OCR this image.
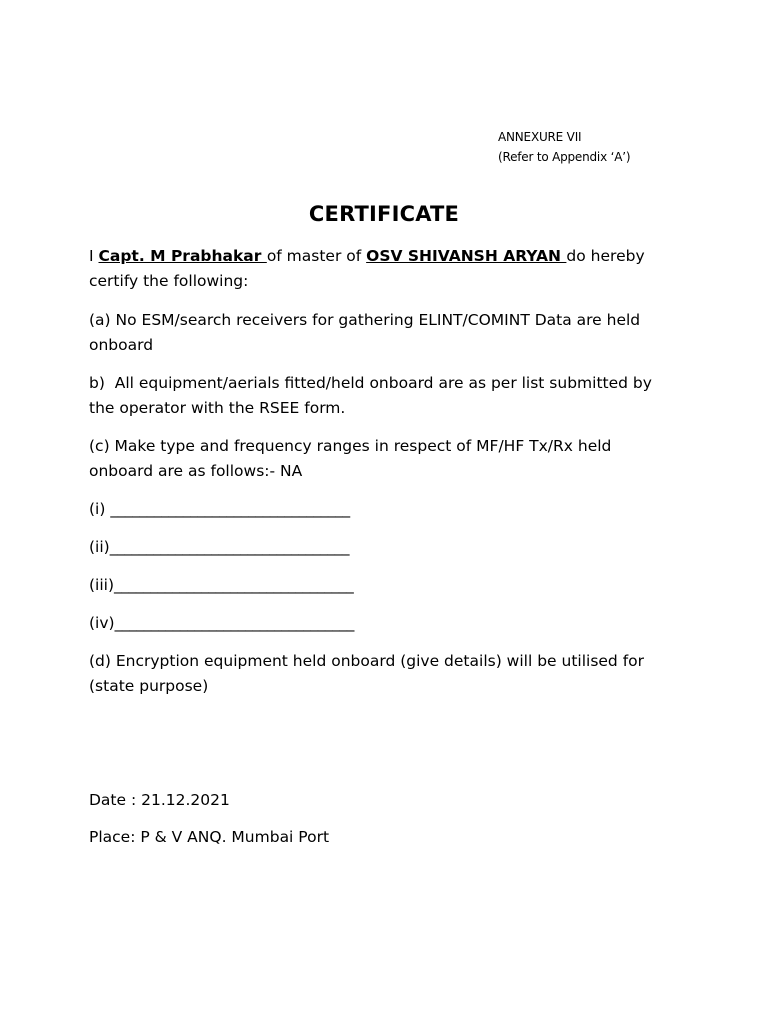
ANNEXURE VII
(Refer to Appendix ‘A’)
CERTIFICATE
I Capt. M Prabhakar of master of OSV SHIVANSH ARYAN do hereby
certify the following:
(a) No ESM/search receivers for gathering ELINT/COMINT Data are held
onboard
b)  All equipment/aerials fitted/held onboard are as per list submitted by
the operator with the RSEE form.
(c) Make type and frequency ranges in respect of MF/HF Tx/Rx held
onboard are as follows:- NA
(i) _________________________________
(ii)_________________________________
(iii)_________________________________
(iv)_________________________________
(d) Encryption equipment held onboard (give details) will be utilised for
(state purpose)
Date : 21.12.2021
Place: P & V ANQ. Mumbai Port
